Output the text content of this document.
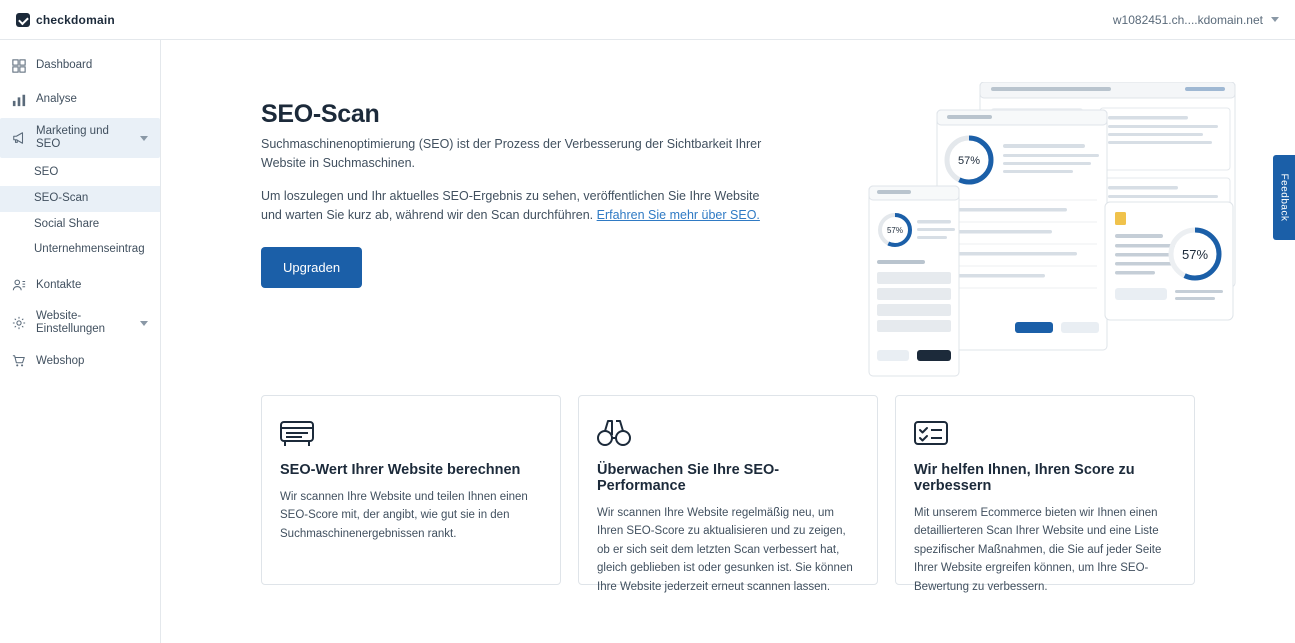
checkdomain	w1082451.ch....kdomain.net
Dashboard
Analyse
Marketing und SEO
SEO
SEO-Scan
Social Share
Unternehmenseintrag
Kontakte
Website-Einstellungen
Webshop
SEO-Scan

Suchmaschinenoptimierung (SEO) ist der Prozess der Verbesserung der Sichtbarkeit Ihrer Website in Suchmaschinen.

Um loszulegen und Ihr aktuelles SEO-Ergebnis zu sehen, veröffentlichen Sie Ihre Website und warten Sie kurz ab, während wir den Scan durchführen. Erfahren Sie mehr über SEO.

Upgraden
57%
57%
57%
SEO-Wert Ihrer Website berechnen

Wir scannen Ihre Website und teilen Ihnen einen SEO-Score mit, der angibt, wie gut sie in den Suchmaschinenergebnissen rankt.

Überwachen Sie Ihre SEO-Performance

Wir scannen Ihre Website regelmäßig neu, um Ihren SEO-Score zu aktualisieren und zu zeigen, ob er sich seit dem letzten Scan verbessert hat, gleich geblieben ist oder gesunken ist. Sie können Ihre Website jederzeit erneut scannen lassen.

Wir helfen Ihnen, Ihren Score zu verbessern

Mit unserem Ecommerce bieten wir Ihnen einen detaillierteren Scan Ihrer Website und eine Liste spezifischer Maßnahmen, die Sie auf jeder Seite Ihrer Website ergreifen können, um Ihre SEO-Bewertung zu verbessern.

Feedback
